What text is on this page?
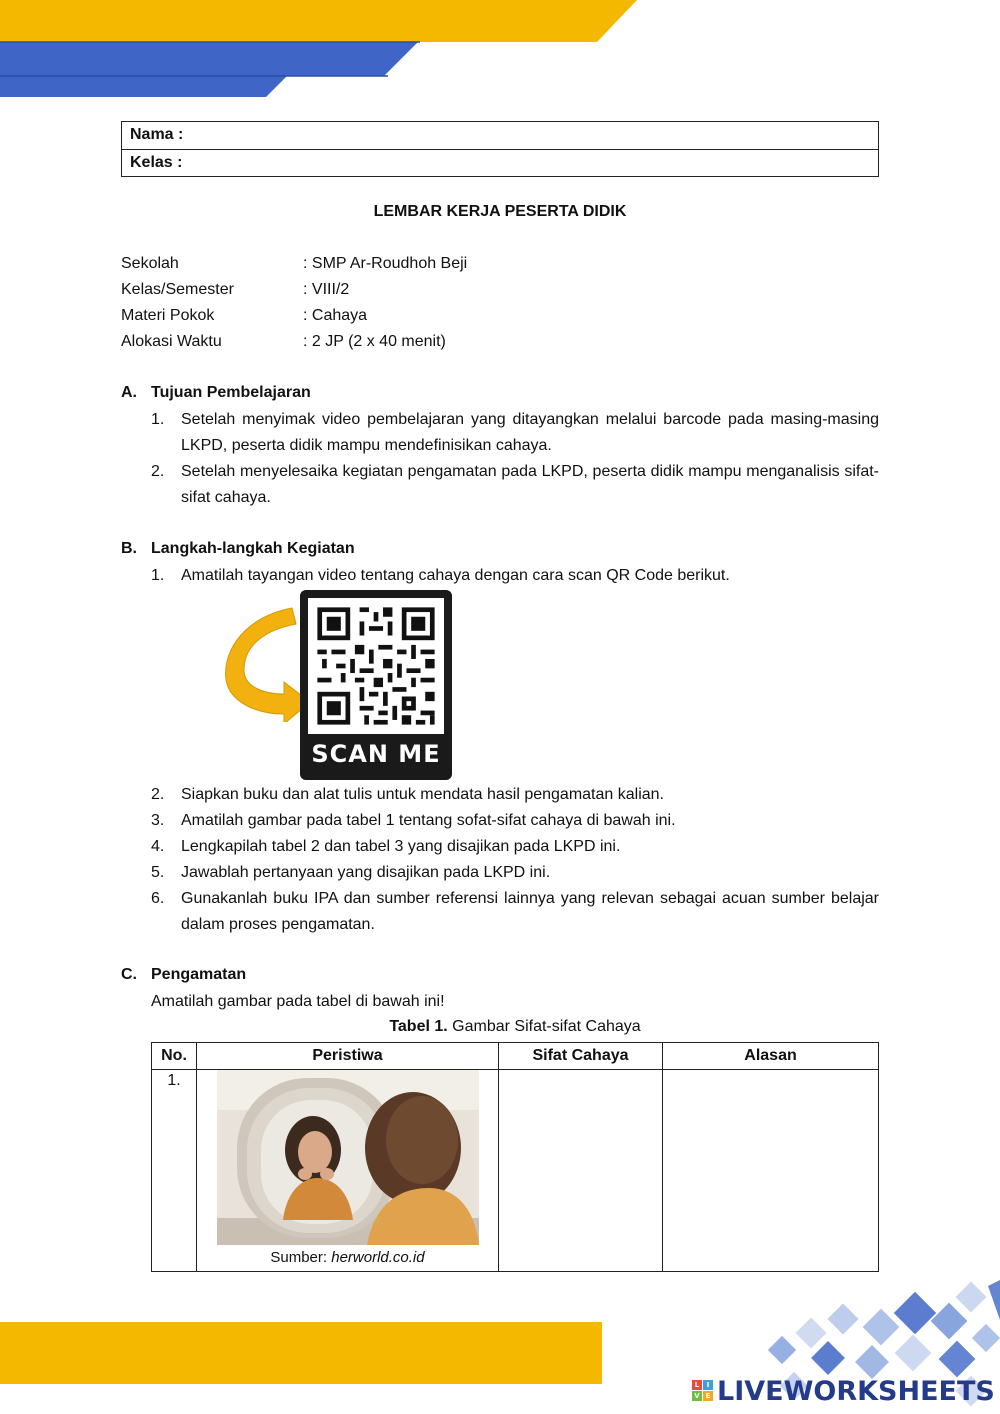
Nama :
Kelas :
LEMBAR KERJA PESERTA DIDIK
Sekolah	: SMP Ar-Roudhoh Beji
Kelas/Semester	: VIII/2
Materi Pokok	: Cahaya
Alokasi Waktu	: 2 JP (2 x 40 menit)
A. Tujuan Pembelajaran
1.	Setelah menyimak video pembelajaran yang ditayangkan melalui barcode pada masing-masing LKPD, peserta didik mampu mendefinisikan cahaya.
2.	Setelah menyelesaika kegiatan pengamatan pada LKPD, peserta didik mampu menganalisis sifat-sifat cahaya.
B. Langkah-langkah Kegiatan
1.	Amatilah tayangan video tentang cahaya dengan cara scan QR Code berikut.
SCAN ME
2.	Siapkan buku dan alat tulis untuk mendata hasil pengamatan kalian.
3.	Amatilah gambar pada tabel 1 tentang sofat-sifat cahaya di bawah ini.
4.	Lengkapilah tabel 2 dan tabel 3 yang disajikan pada LKPD ini.
5.	Jawablah pertanyaan yang disajikan pada LKPD ini.
6.	Gunakanlah buku IPA dan sumber referensi lainnya yang relevan sebagai acuan sumber belajar dalam proses pengamatan.
C. Pengamatan
Amatilah gambar pada tabel di bawah ini!
Tabel 1. Gambar Sifat-sifat Cahaya
No.	Peristiwa	Sifat Cahaya	Alasan
1.	Sumber: herworld.co.id		

L	I
V E LIVEWORKSHEETS
